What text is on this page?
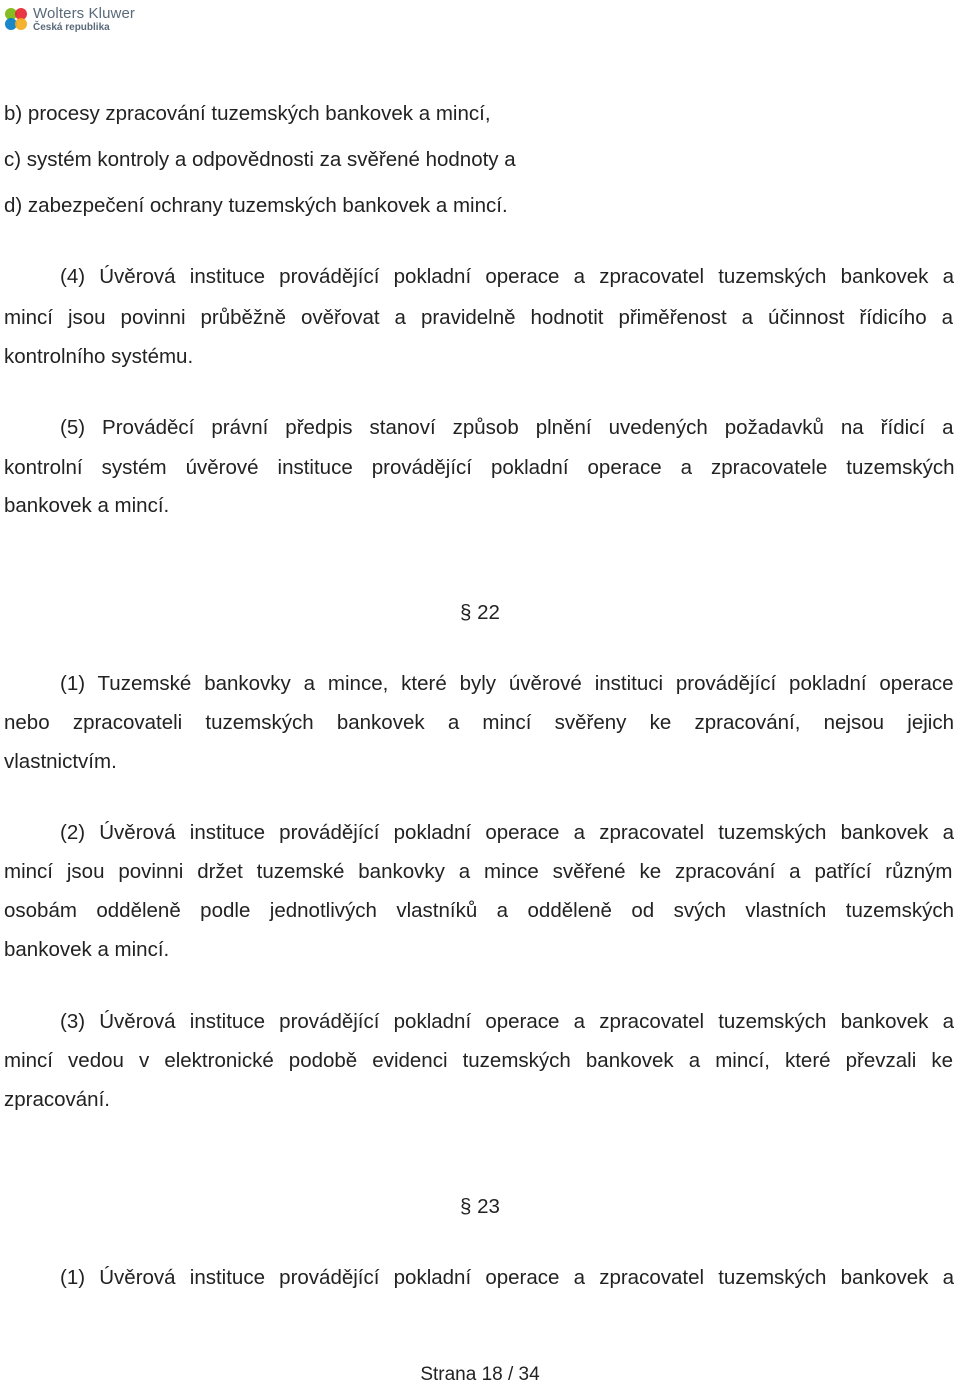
Wolters Kluwer
Česká republika
b) procesy zpracování tuzemských bankovek a mincí,
c) systém kontroly a odpovědnosti za svěřené hodnoty a
d) zabezpečení ochrany tuzemských bankovek a mincí.
(4) Úvěrová instituce provádějící pokladní operace a zpracovatel tuzemských bankovek a
mincí jsou povinni průběžně ověřovat a pravidelně hodnotit přiměřenost a účinnost řídicího a
kontrolního systému.
(5) Prováděcí právní předpis stanoví způsob plnění uvedených požadavků na řídicí a
kontrolní systém úvěrové instituce provádějící pokladní operace a zpracovatele tuzemských
bankovek a mincí.
§ 22
(1) Tuzemské bankovky a mince, které byly úvěrové instituci provádějící pokladní operace
nebo zpracovateli tuzemských bankovek a mincí svěřeny ke zpracování, nejsou jejich
vlastnictvím.
(2) Úvěrová instituce provádějící pokladní operace a zpracovatel tuzemských bankovek a
mincí jsou povinni držet tuzemské bankovky a mince svěřené ke zpracování a patřící různým
osobám odděleně podle jednotlivých vlastníků a odděleně od svých vlastních tuzemských
bankovek a mincí.
(3) Úvěrová instituce provádějící pokladní operace a zpracovatel tuzemských bankovek a
mincí vedou v elektronické podobě evidenci tuzemských bankovek a mincí, které převzali ke
zpracování.
§ 23
(1) Úvěrová instituce provádějící pokladní operace a zpracovatel tuzemských bankovek a
Strana 18 / 34
